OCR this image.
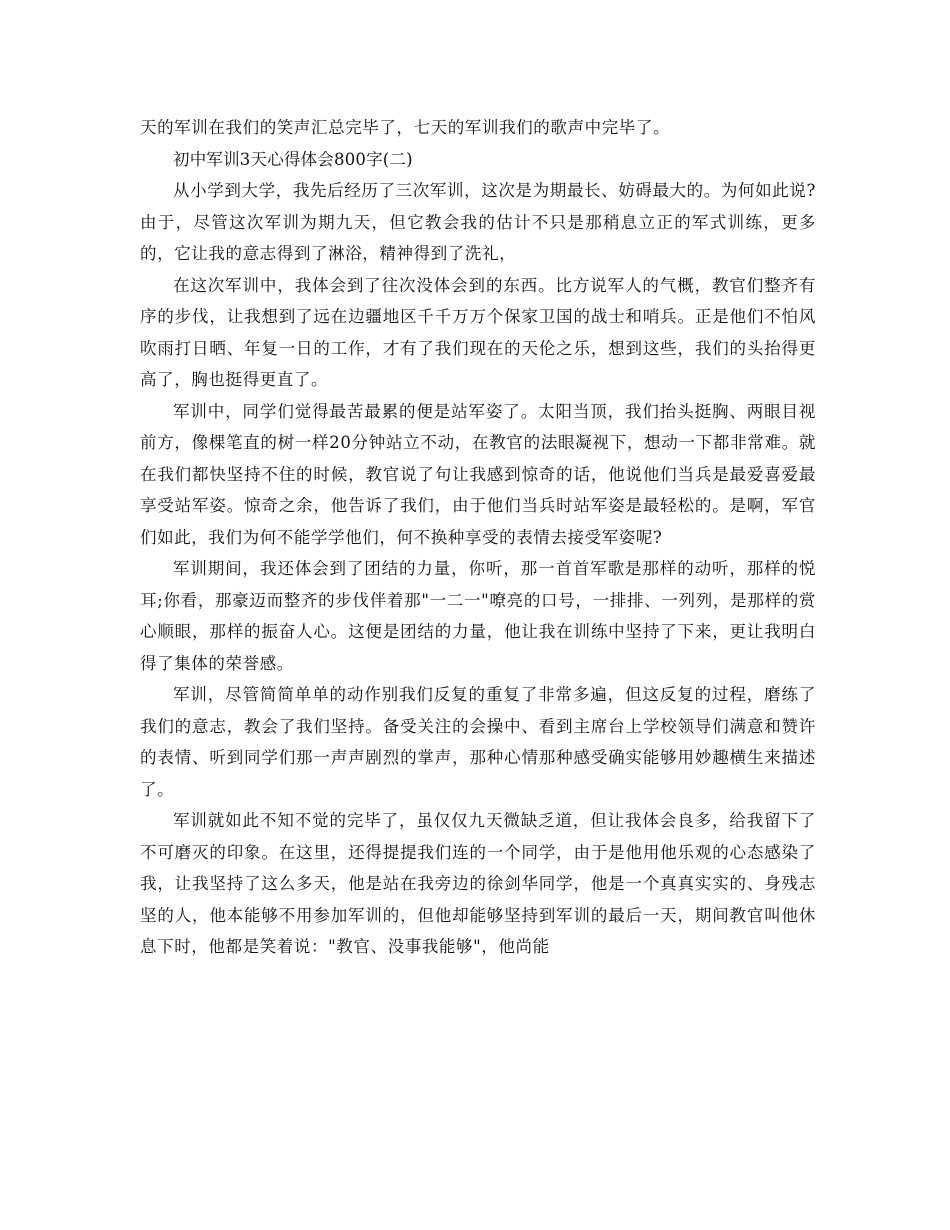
天的军训在我们的笑声汇总完毕了，七天的军训我们的歌声中完毕了。

初中军训3天心得体会800字(二)

从小学到大学，我先后经历了三次军训，这次是为期最长、妨碍最大的。为何如此说?由于，尽管这次军训为期九天，但它教会我的估计不只是那稍息立正的军式训练，更多的，它让我的意志得到了淋浴，精神得到了洗礼，

在这次军训中，我体会到了往次没体会到的东西。比方说军人的气概，教官们整齐有序的步伐，让我想到了远在边疆地区千千万万个保家卫国的战士和哨兵。正是他们不怕风吹雨打日晒、年复一日的工作，才有了我们现在的天伦之乐，想到这些，我们的头抬得更高了，胸也挺得更直了。

军训中，同学们觉得最苦最累的便是站军姿了。太阳当顶，我们抬头挺胸、两眼目视前方，像棵笔直的树一样20分钟站立不动，在教官的法眼凝视下，想动一下都非常难。就在我们都快坚持不住的时候，教官说了句让我感到惊奇的话，他说他们当兵是最爱喜爱最享受站军姿。惊奇之余，他告诉了我们，由于他们当兵时站军姿是最轻松的。是啊，军官们如此，我们为何不能学学他们，何不换种享受的表情去接受军姿呢?

军训期间，我还体会到了团结的力量，你听，那一首首军歌是那样的动听，那样的悦耳;你看，那豪迈而整齐的步伐伴着那"一二一"嘹亮的口号，一排排、一列列，是那样的赏心顺眼，那样的振奋人心。这便是团结的力量，他让我在训练中坚持了下来，更让我明白得了集体的荣誉感。

军训，尽管简简单单的动作别我们反复的重复了非常多遍，但这反复的过程，磨练了我们的意志，教会了我们坚持。备受关注的会操中、看到主席台上学校领导们满意和赞许的表情、听到同学们那一声声剧烈的掌声，那种心情那种感受确实能够用妙趣横生来描述了。

军训就如此不知不觉的完毕了，虽仅仅九天微缺乏道，但让我体会良多，给我留下了不可磨灭的印象。在这里，还得提提我们连的一个同学，由于是他用他乐观的心态感染了我，让我坚持了这么多天，他是站在我旁边的徐剑华同学，他是一个真真实实的、身残志坚的人，他本能够不用参加军训的，但他却能够坚持到军训的最后一天，期间教官叫他休息下时，他都是笑着说："教官、没事我能够"，他尚能
